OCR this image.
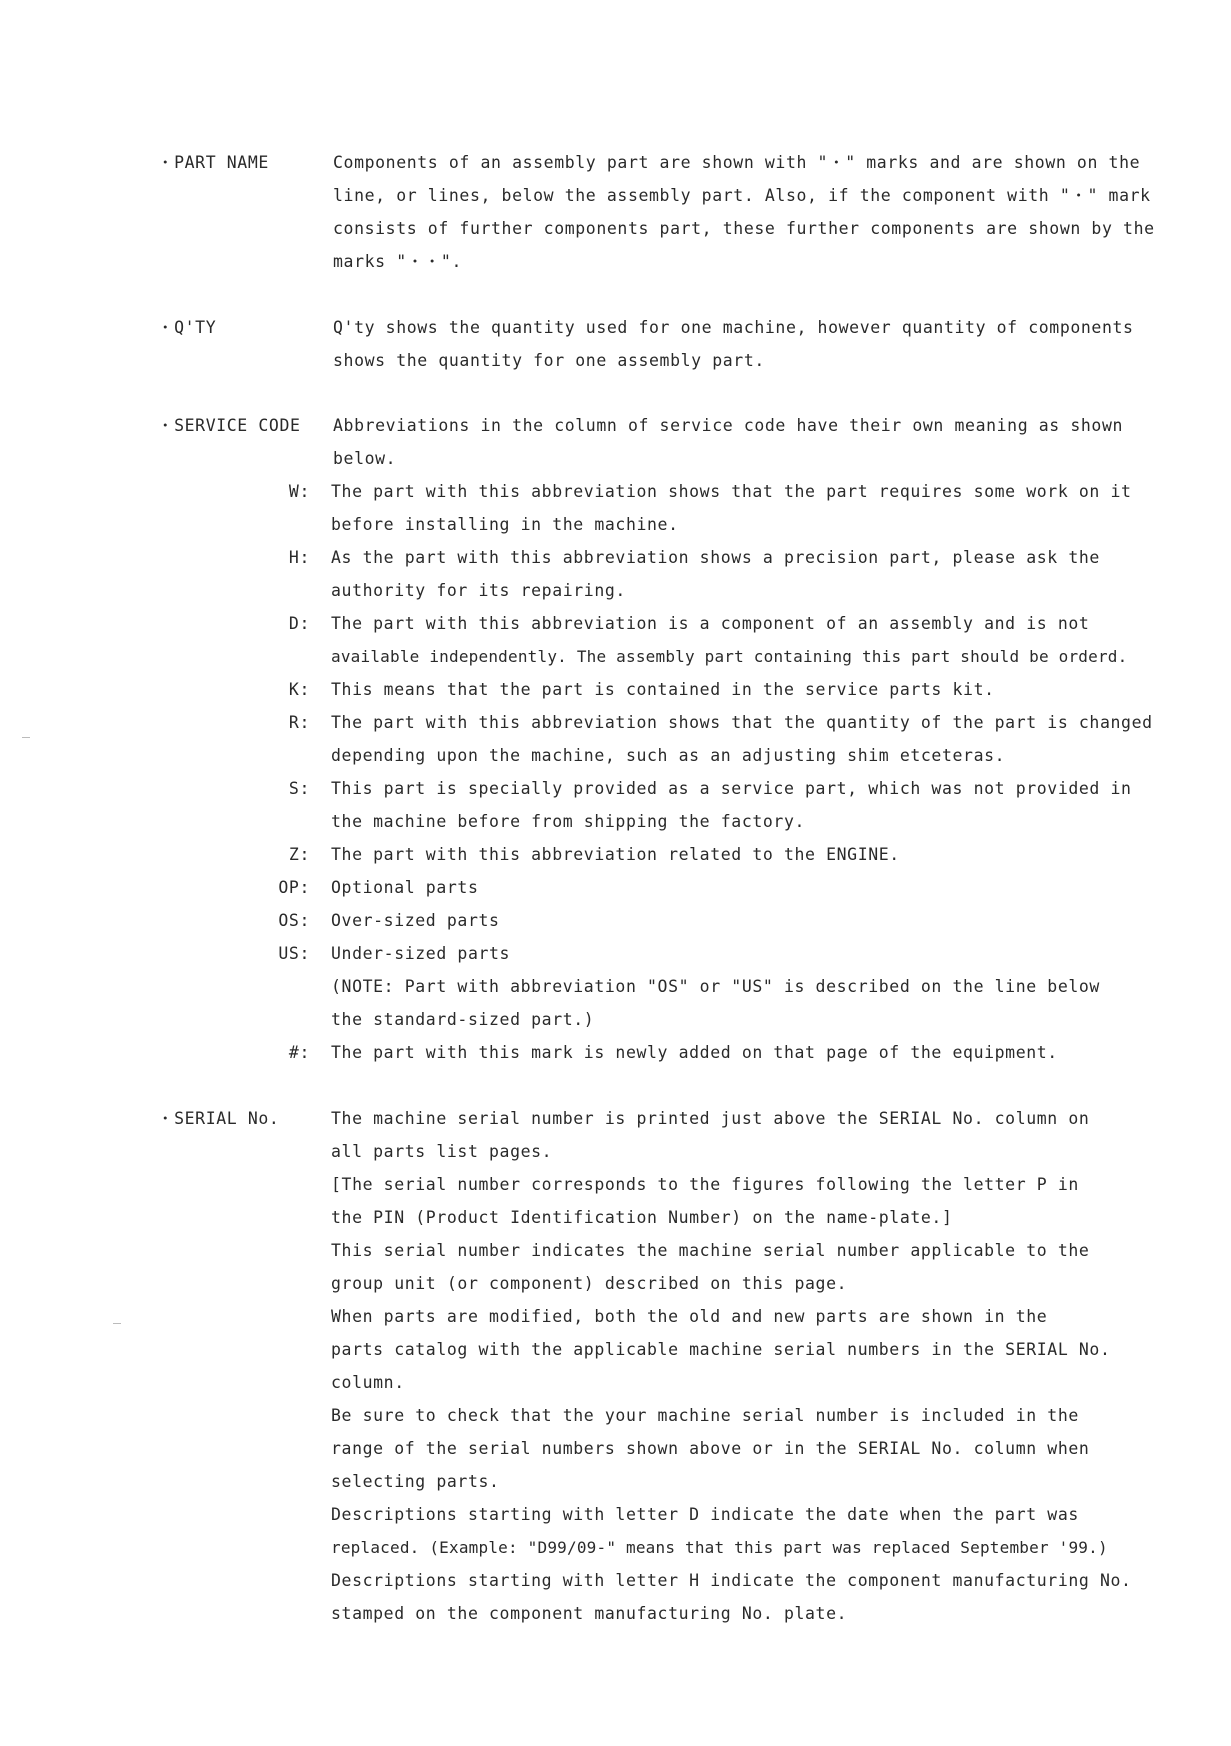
・PART NAME	Components of an assembly part are shown with "・" marks and are shown on the
line, or lines, below the assembly part. Also, if the component with "・" mark
consists of further components part, these further components are shown by the
marks "・・".
・Q'TY	Q'ty shows the quantity used for one machine, however quantity of components
shows the quantity for one assembly part.
・SERVICE CODE Abbreviations in the column of service code have their own meaning as shown
below.
W: The part with this abbreviation shows that the part requires some work on it
before installing in the machine.
H: As the part with this abbreviation shows a precision part, please ask the
authority for its repairing.
D: The part with this abbreviation is a component of an assembly and is not
available independently. The assembly part containing this part should be orderd.
K: This means that the part is contained in the service parts kit.
R: The part with this abbreviation shows that the quantity of the part is changed
depending upon the machine, such as an adjusting shim etceteras.
S: This part is specially provided as a service part, which was not provided in
the machine before from shipping the factory.
Z: The part with this abbreviation related to the ENGINE.
OP: Optional parts
OS: Over-sized parts
US: Under-sized parts
(NOTE: Part with abbreviation "OS" or "US" is described on the line below
the standard-sized part.)
#: The part with this mark is newly added on that page of the equipment.
・SERIAL No.	The machine serial number is printed just above the SERIAL No. column on
all parts list pages.
[The serial number corresponds to the figures following the letter P in
the PIN (Product Identification Number) on the name-plate.]
This serial number indicates the machine serial number applicable to the
group unit (or component) described on this page.
When parts are modified, both the old and new parts are shown in the
parts catalog with the applicable machine serial numbers in the SERIAL No.
column.
Be sure to check that the your machine serial number is included in the
range of the serial numbers shown above or in the SERIAL No. column when
selecting parts.
Descriptions starting with letter D indicate the date when the part was
replaced. (Example: "D99/09-" means that this part was replaced September '99.)
Descriptions starting with letter H indicate the component manufacturing No.
stamped on the component manufacturing No. plate.
